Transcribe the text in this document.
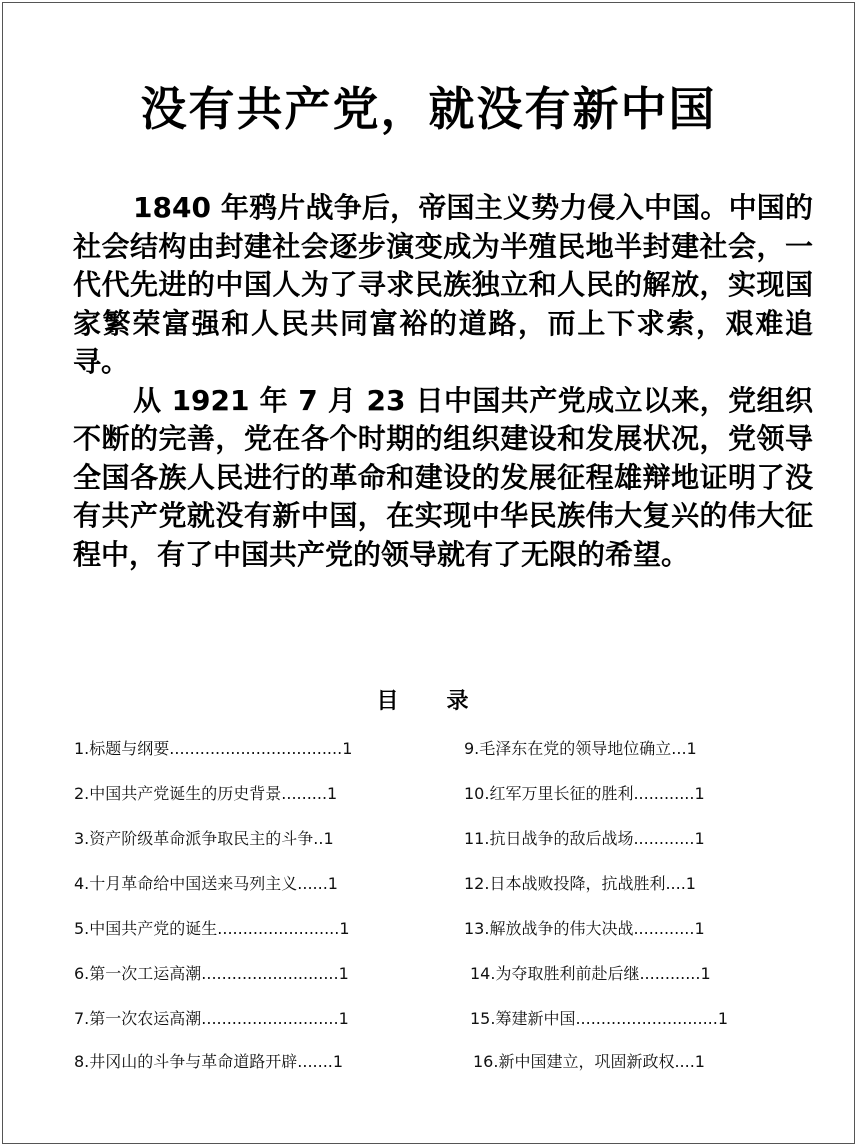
没有共产党，就没有新中国

1840 年鸦片战争后，帝国主义势力侵入中国。中国的社会结构由封建社会逐步演变成为半殖民地半封建社会，一代代先进的中国人为了寻求民族独立和人民的解放，实现国家繁荣富强和人民共同富裕的道路，而上下求索，艰难追寻。

从 1921 年 7 月 23 日中国共产党成立以来，党组织不断的完善，党在各个时期的组织建设和发展状况，党领导全国各族人民进行的革命和建设的发展征程雄辩地证明了没有共产党就没有新中国，在实现中华民族伟大复兴的伟大征程中，有了中国共产党的领导就有了无限的希望。

目录
1.标题与纲要..................................1
2.中国共产党诞生的历史背景.........1
3.资产阶级革命派争取民主的斗争..1
4.十月革命给中国送来马列主义......1
5.中国共产党的诞生........................1
6.第一次工运高潮...........................1
7.第一次农运高潮...........................1
8.井冈山的斗争与革命道路开辟.......1
9.毛泽东在党的领导地位确立...1
10.红军万里长征的胜利............1
11.抗日战争的敌后战场............1
12.日本战败投降，抗战胜利....1
13.解放战争的伟大决战............1
14.为夺取胜利前赴后继............1
15.筹建新中国............................1
16.新中国建立，巩固新政权....1
